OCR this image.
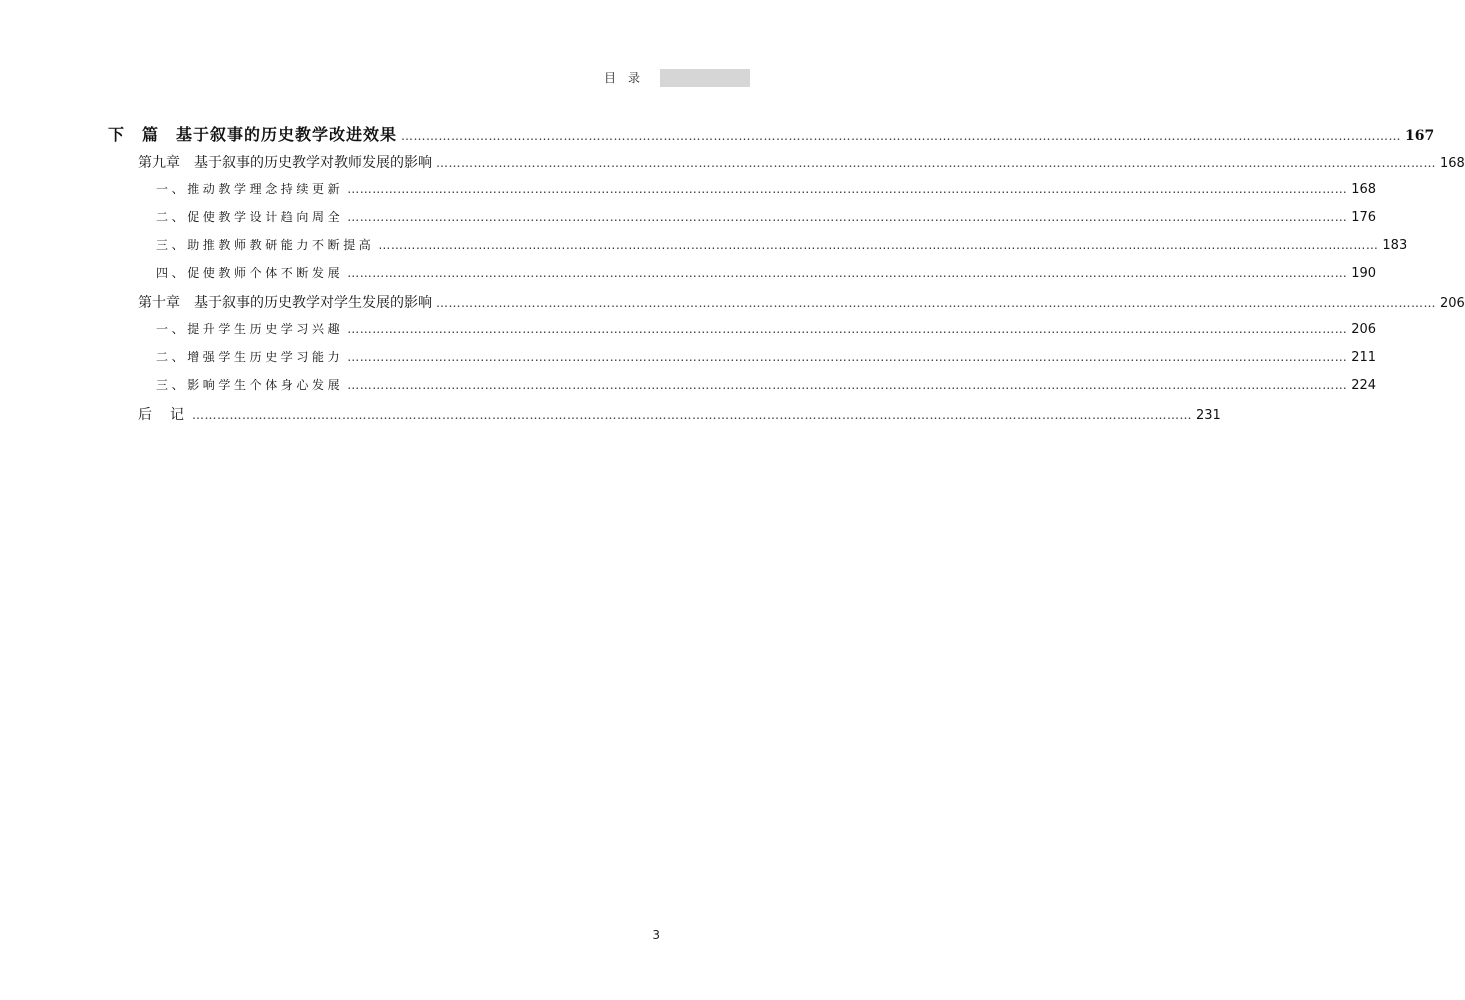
目录
下　篇　基于叙事的历史教学改进效果 …………………………………………………………………………………………………………………………………………………………………………………………………………………… 167
第九章　基于叙事的历史教学对教师发展的影响 …………………………………………………………………………………………………………………………………………………………………………………………………………………… 168
一、推动教学理念持续更新 …………………………………………………………………………………………………………………………………………………………………………………………………………………… 168
二、促使教学设计趋向周全 …………………………………………………………………………………………………………………………………………………………………………………………………………………… 176
三、助推教师教研能力不断提高 …………………………………………………………………………………………………………………………………………………………………………………………………………………… 183
四、促使教师个体不断发展 …………………………………………………………………………………………………………………………………………………………………………………………………………………… 190
第十章　基于叙事的历史教学对学生发展的影响 …………………………………………………………………………………………………………………………………………………………………………………………………………………… 206
一、提升学生历史学习兴趣 …………………………………………………………………………………………………………………………………………………………………………………………………………………… 206
二、增强学生历史学习能力 …………………………………………………………………………………………………………………………………………………………………………………………………………………… 211
三、影响学生个体身心发展 …………………………………………………………………………………………………………………………………………………………………………………………………………………… 224
后记
…………………………………………………………………………………………………………………………………………………………………………………………………………………… 231
3
